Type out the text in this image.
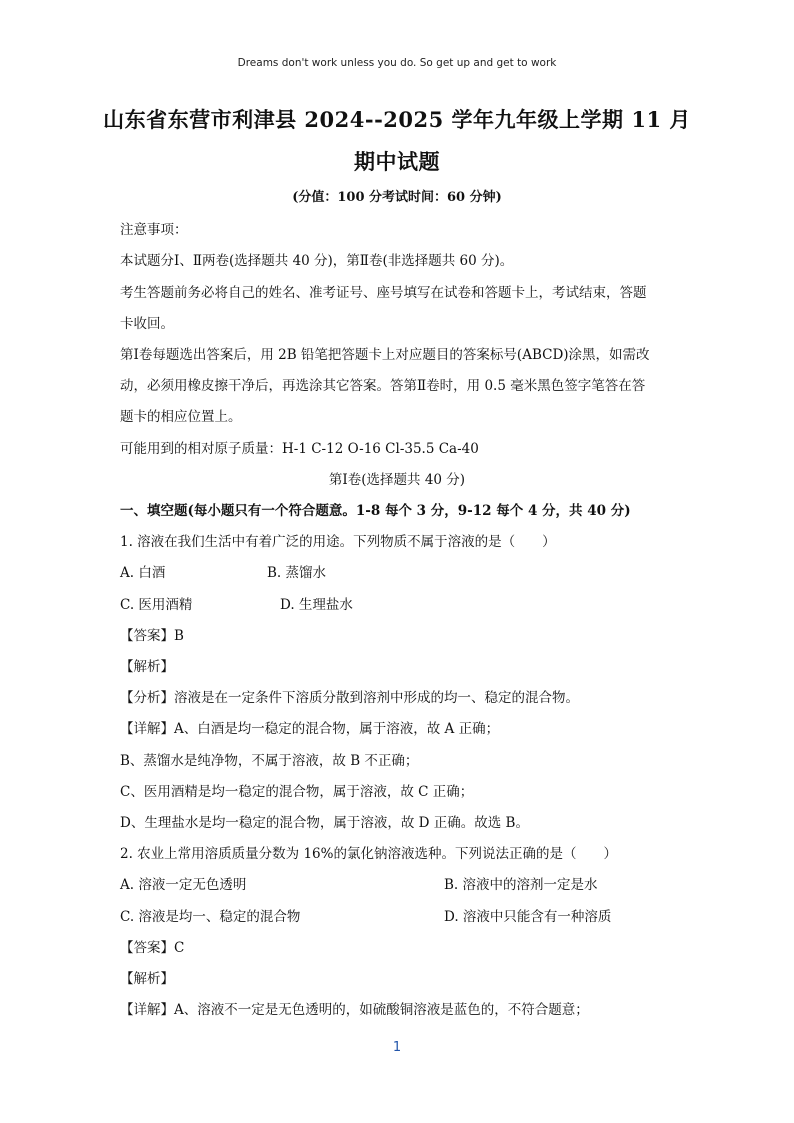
Dreams don't work unless you do. So get up and get to work
山东省东营市利津县 2024--2025 学年九年级上学期 11 月
期中试题
(分值：100 分考试时间：60 分钟)
注意事项：
本试题分Ⅰ、Ⅱ两卷(选择题共 40 分)，第Ⅱ卷(非选择题共 60 分)。
考生答题前务必将自己的姓名、准考证号、座号填写在试卷和答题卡上，考试结束，答题
卡收回。
第Ⅰ卷每题选出答案后，用 2B 铅笔把答题卡上对应题目的答案标号(ABCD)涂黑，如需改
动，必须用橡皮擦干净后，再选涂其它答案。答第Ⅱ卷时，用 0.5 毫米黑色签字笔答在答
题卡的相应位置上。
可能用到的相对原子质量：H-1 C-12 O-16 Cl-35.5 Ca-40
第Ⅰ卷(选择题共 40 分)
一、填空题(每小题只有一个符合题意。1-8 每个 3 分，9-12 每个 4 分，共 40 分)
1. 溶液在我们生活中有着广泛的用途。下列物质不属于溶液的是（　　）
A. 白酒	B. 蒸馏水
C. 医用酒精	D. 生理盐水
【答案】B
【解析】
【分析】溶液是在一定条件下溶质分散到溶剂中形成的均一、稳定的混合物。
【详解】A、白酒是均一稳定的混合物，属于溶液，故 A 正确；
B、蒸馏水是纯净物，不属于溶液，故 B 不正确；
C、医用酒精是均一稳定的混合物，属于溶液，故 C 正确；
D、生理盐水是均一稳定的混合物，属于溶液，故 D 正确。故选 B。
2. 农业上常用溶质质量分数为 16%的氯化钠溶液选种。下列说法正确的是（　　）
A. 溶液一定无色透明	B. 溶液中的溶剂一定是水
C. 溶液是均一、稳定的混合物	D. 溶液中只能含有一种溶质
【答案】C
【解析】
【详解】A、溶液不一定是无色透明的，如硫酸铜溶液是蓝色的，不符合题意；
1
